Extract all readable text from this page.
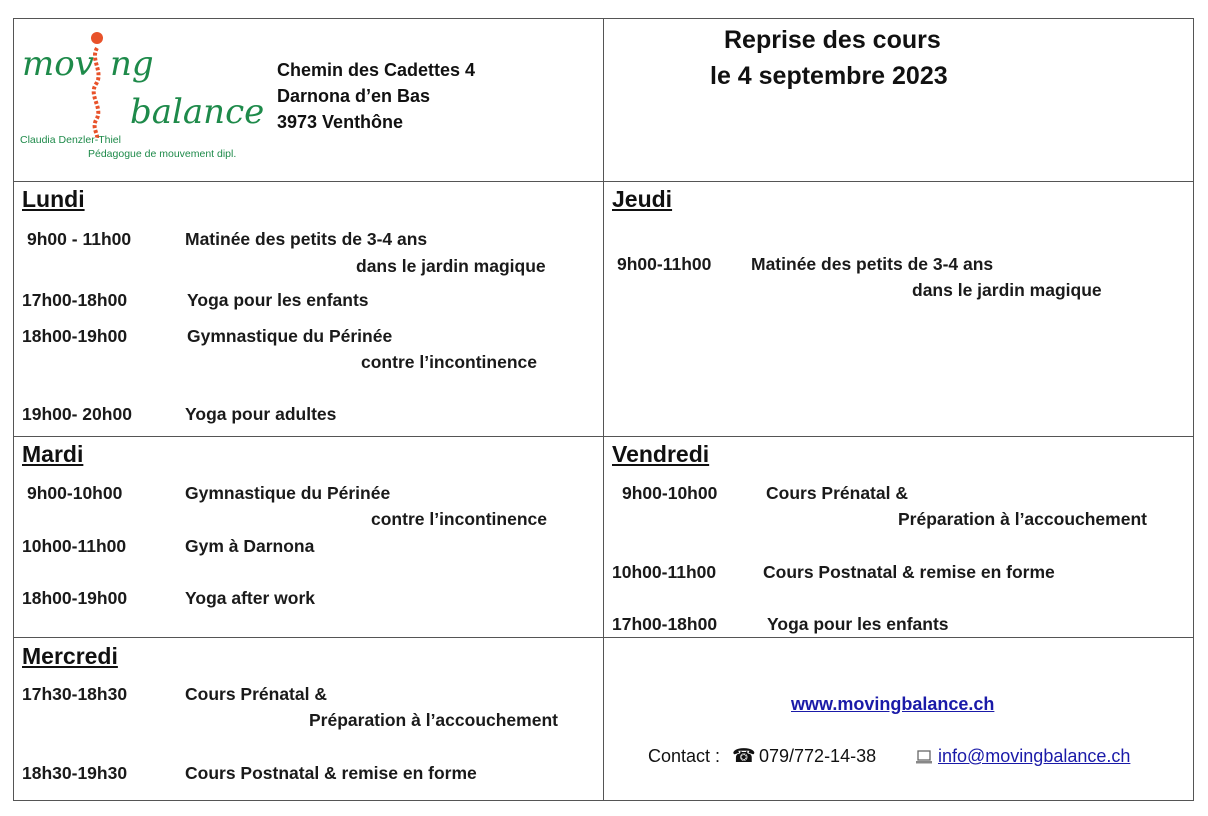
mov ng
balance
Claudia Denzler-Thiel
Pédagogue de mouvement dipl.
Chemin des Cadettes 4
Darnona d’en Bas
3973 Venthône
Reprise des cours
le 4 septembre 2023
Lundi
9h00 - 11h00	Matinée des petits de 3-4 ans
dans le jardin magique
17h00-18h00	Yoga pour les enfants
18h00-19h00	Gymnastique du Périnée
contre l’incontinence
19h00- 20h00	Yoga pour adultes
Jeudi
9h00-11h00 Matinée des petits de 3-4 ans
dans le jardin magique
Mardi
9h00-10h00	Gymnastique du Périnée
contre l’incontinence
10h00-11h00	Gym à Darnona
18h00-19h00	Yoga after work
Vendredi
9h00-10h00	Cours Prénatal &
Préparation à l’accouchement
10h00-11h00	Cours Postnatal & remise en forme
17h00-18h00	Yoga pour les enfants
Mercredi
17h30-18h30	Cours Prénatal &
Préparation à l’accouchement
18h30-19h30	Cours Postnatal & remise en forme
www.movingbalance.ch
Contact : ☎ 079/772-14-38	info@movingbalance.ch
